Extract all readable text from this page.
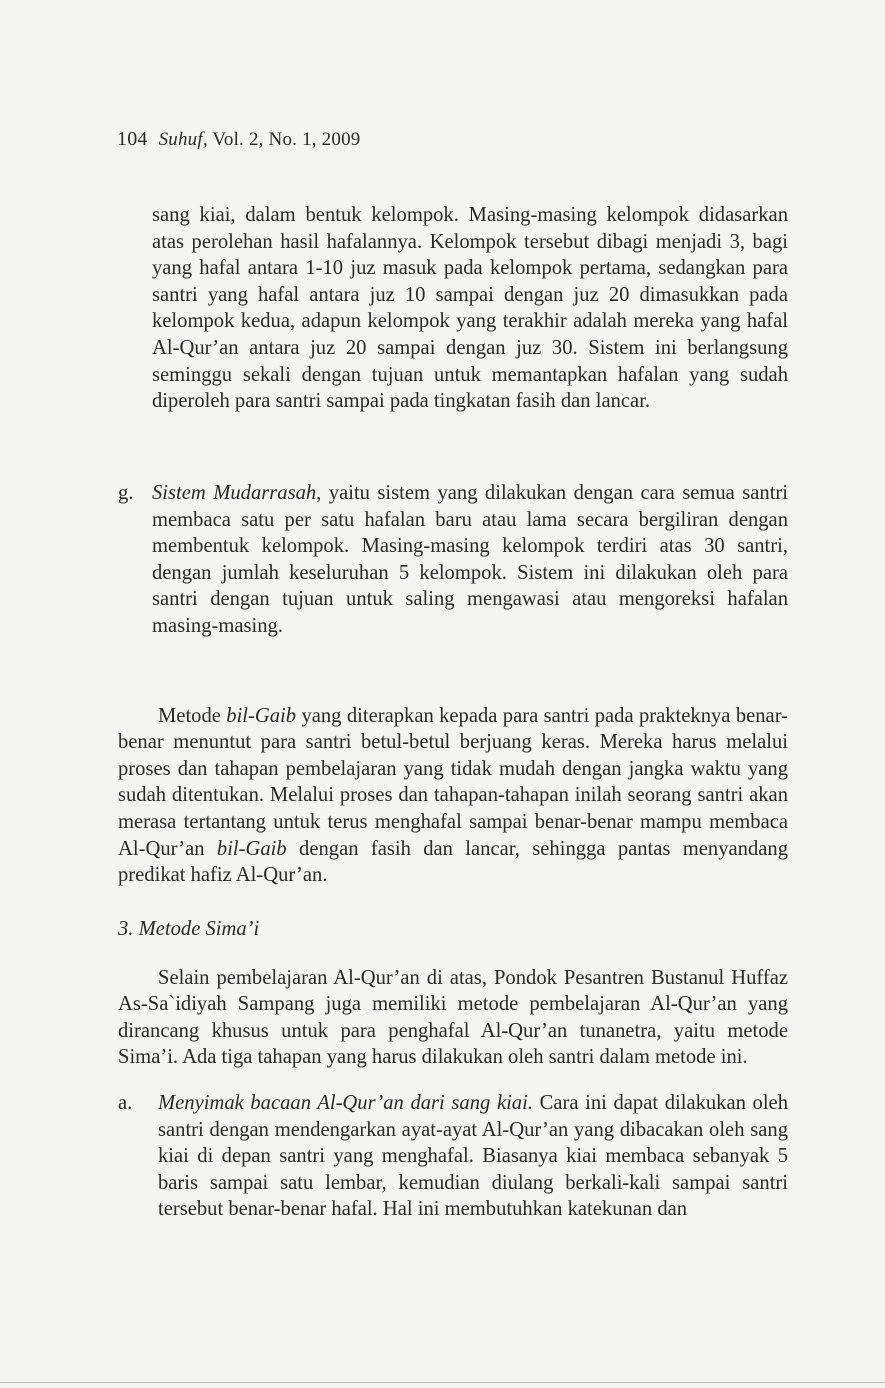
104 Suhuf, Vol. 2, No. 1, 2009

sang kiai, dalam bentuk kelompok. Masing-masing kelompok didasarkan atas perolehan hasil hafalannya. Kelompok tersebut dibagi menjadi 3, bagi yang hafal antara 1-10 juz masuk pada kelompok pertama, sedangkan para santri yang hafal antara juz 10 sampai dengan juz 20 dimasukkan pada kelompok kedua, adapun kelompok yang terakhir adalah mereka yang hafal Al-Qur’an antara juz 20 sampai dengan juz 30. Sistem ini berlangsung seminggu sekali dengan tujuan untuk memantapkan hafalan yang sudah diperoleh para santri sampai pada tingkatan fasih dan lancar.

g. Sistem Mudarrasah, yaitu sistem yang dilakukan dengan cara semua santri membaca satu per satu hafalan baru atau lama secara bergiliran dengan membentuk kelompok. Masing-masing kelompok terdiri atas 30 santri, dengan jumlah keseluruhan 5 kelompok. Sistem ini dilakukan oleh para santri dengan tujuan untuk saling mengawasi atau mengoreksi hafalan masing-masing.

Metode bil-Gaib yang diterapkan kepada para santri pada prakteknya benar-benar menuntut para santri betul-betul berjuang keras. Mereka harus melalui proses dan tahapan pembelajaran yang tidak mudah dengan jangka waktu yang sudah ditentukan. Melalui proses dan tahapan-tahapan inilah seorang santri akan merasa tertantang untuk terus menghafal sampai benar-benar mampu membaca Al-Qur’an bil-Gaib dengan fasih dan lancar, sehingga pantas menyandang predikat hafiz Al-Qur’an.

3. Metode Sima’i

Selain pembelajaran Al-Qur’an di atas, Pondok Pesantren Bustanul Huffaz As-Sa`idiyah Sampang juga memiliki metode pembelajaran Al-Qur’an yang dirancang khusus untuk para penghafal Al-Qur’an tunanetra, yaitu metode Sima’i. Ada tiga tahapan yang harus dilakukan oleh santri dalam metode ini.

a.	Menyimak bacaan Al-Qur’an dari sang kiai. Cara ini dapat dilakukan oleh santri dengan mendengarkan ayat-ayat Al-Qur’an yang dibacakan oleh sang kiai di depan santri yang menghafal. Biasanya kiai membaca sebanyak 5 baris sampai satu lembar, kemudian diulang berkali-kali sampai santri tersebut benar-benar hafal. Hal ini membutuhkan katekunan dan
